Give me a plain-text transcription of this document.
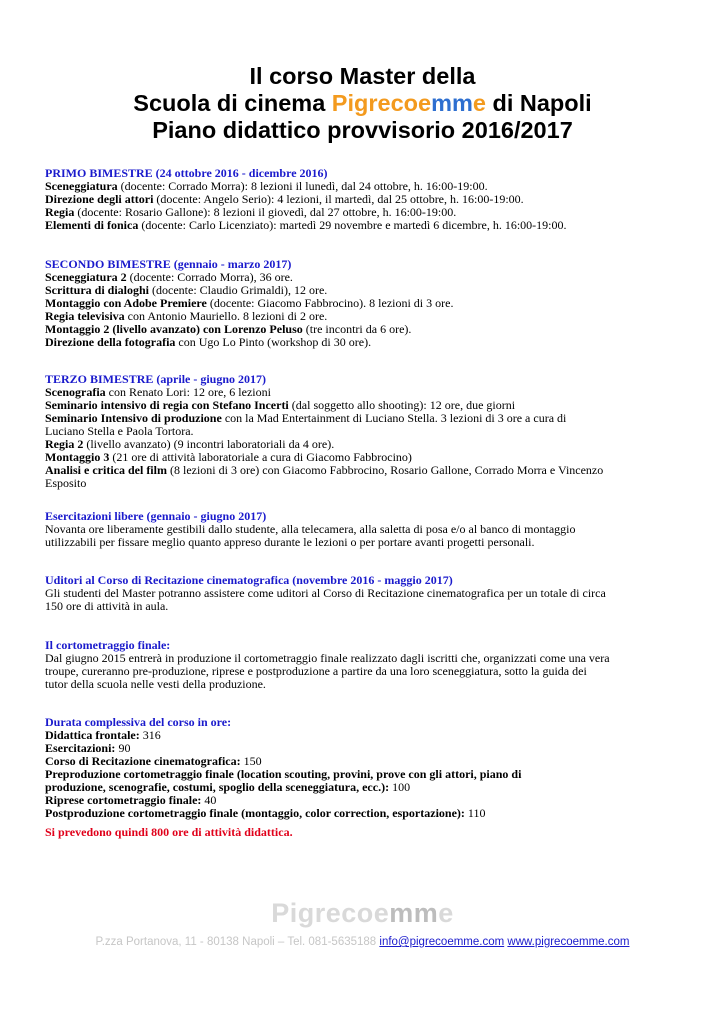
Il corso Master della
Scuola di cinema Pigrecoemme di Napoli
Piano didattico provvisorio 2016/2017
PRIMO BIMESTRE (24 ottobre 2016 - dicembre 2016)
Sceneggiatura (docente: Corrado Morra): 8 lezioni il lunedì, dal 24 ottobre, h. 16:00-19:00.
Direzione degli attori (docente: Angelo Serio): 4 lezioni, il martedì, dal 25 ottobre, h. 16:00-19:00.
Regia (docente: Rosario Gallone): 8 lezioni il giovedì, dal 27 ottobre, h. 16:00-19:00.
Elementi di fonica (docente: Carlo Licenziato): martedì 29 novembre e martedì 6 dicembre, h. 16:00-19:00.
SECONDO BIMESTRE (gennaio - marzo 2017)
Sceneggiatura 2 (docente: Corrado Morra), 36 ore.
Scrittura di dialoghi (docente: Claudio Grimaldi), 12 ore.
Montaggio con Adobe Premiere (docente: Giacomo Fabbrocino). 8 lezioni di 3 ore.
Regia televisiva con Antonio Mauriello. 8 lezioni di 2 ore.
Montaggio 2 (livello avanzato) con Lorenzo Peluso (tre incontri da 6 ore).
Direzione della fotografia con Ugo Lo Pinto (workshop di 30 ore).
TERZO BIMESTRE (aprile - giugno 2017)
Scenografia con Renato Lori: 12 ore, 6 lezioni
Seminario intensivo di regia con Stefano Incerti (dal soggetto allo shooting): 12 ore, due giorni
Seminario Intensivo di produzione con la Mad Entertainment di Luciano Stella. 3 lezioni di 3 ore a cura di
Luciano Stella e Paola Tortora.
Regia 2 (livello avanzato) (9 incontri laboratoriali da 4 ore).
Montaggio 3 (21 ore di attività laboratoriale a cura di Giacomo Fabbrocino)
Analisi e critica del film (8 lezioni di 3 ore) con Giacomo Fabbrocino, Rosario Gallone, Corrado Morra e Vincenzo
Esposito
Esercitazioni libere (gennaio - giugno 2017)
Novanta ore liberamente gestibili dallo studente, alla telecamera, alla saletta di posa e/o al banco di montaggio
utilizzabili per fissare meglio quanto appreso durante le lezioni o per portare avanti progetti personali.
Uditori al Corso di Recitazione cinematografica (novembre 2016 - maggio 2017)
Gli studenti del Master potranno assistere come uditori al Corso di Recitazione cinematografica per un totale di circa
150 ore di attività in aula.
Il cortometraggio finale:
Dal giugno 2015 entrerà in produzione il cortometraggio finale realizzato dagli iscritti che, organizzati come una vera
troupe, cureranno pre-produzione, riprese e postproduzione a partire da una loro sceneggiatura, sotto la guida dei
tutor della scuola nelle vesti della produzione.
Durata complessiva del corso in ore:
Didattica frontale: 316
Esercitazioni: 90
Corso di Recitazione cinematografica: 150
Preproduzione cortometraggio finale (location scouting, provini, prove con gli attori, piano di
produzione, scenografie, costumi, spoglio della sceneggiatura, ecc.): 100
Riprese cortometraggio finale: 40
Postproduzione cortometraggio finale (montaggio, color correction, esportazione): 110
Si prevedono quindi 800 ore di attività didattica.
Pigrecoemme
P.zza Portanova, 11 - 80138 Napoli – Tel. 081-5635188 info@pigrecoemme.com www.pigrecoemme.com
